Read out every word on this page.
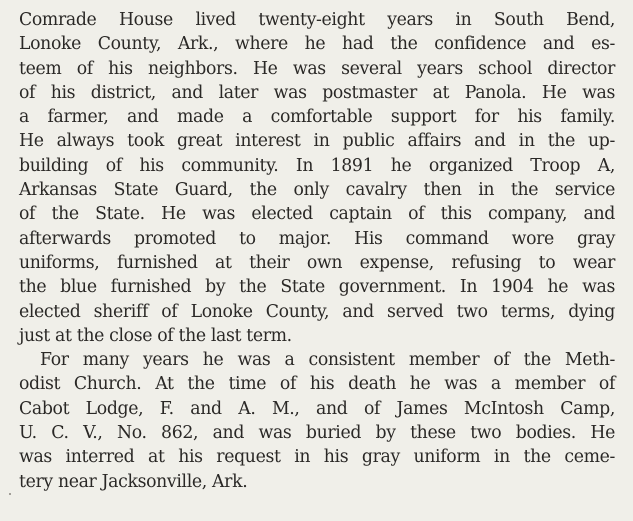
Comrade House lived twenty-eight years in South Bend,
Lonoke County, Ark., where he had the confidence and es-
teem of his neighbors. He was several years school director
of his district, and later was postmaster at Panola. He was
a farmer, and made a comfortable support for his family.
He always took great interest in public affairs and in the up-
building of his community. In 1891 he organized Troop A,
Arkansas State Guard, the only cavalry then in the service
of the State. He was elected captain of this company, and
afterwards promoted to major. His command wore gray
uniforms, furnished at their own expense, refusing to wear
the blue furnished by the State government. In 1904 he was
elected sheriff of Lonoke County, and served two terms, dying
just at the close of the last term.
For many years he was a consistent member of the Meth-
odist Church. At the time of his death he was a member of
Cabot Lodge, F. and A. M., and of James McIntosh Camp,
U. C. V., No. 862, and was buried by these two bodies. He
was interred at his request in his gray uniform in the ceme-
tery near Jacksonville, Ark.
